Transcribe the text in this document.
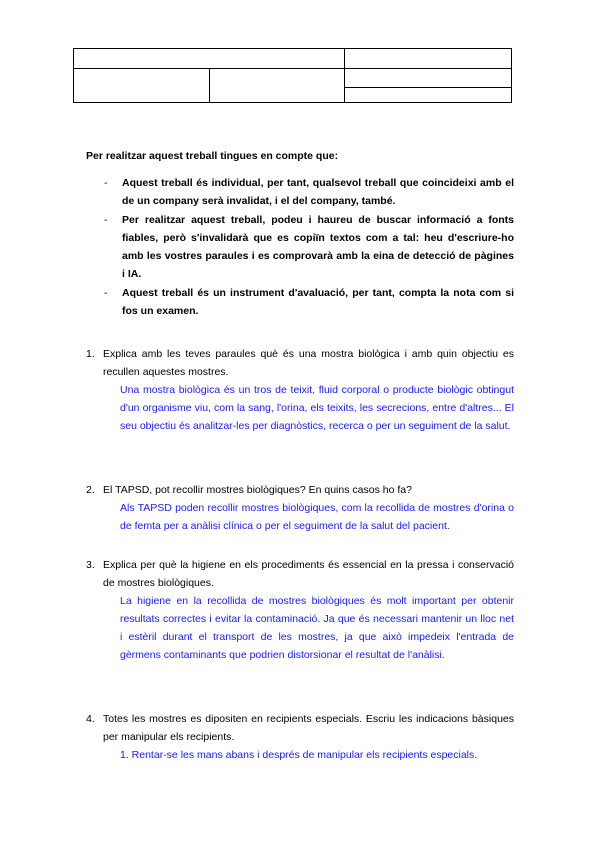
Per realitzar aquest treball tingues en compte que:
- Aquest treball és individual, per tant, qualsevol treball que coincideixi amb el de un company serà invalidat, i el del company, també.
- Per realitzar aquest treball, podeu i haureu de buscar informació a fonts fiables, però s'invalidarà que es copiïn textos com a tal: heu d'escriure-ho amb les vostres paraules i es comprovarà amb la eina de detecció de pàgines i IA.
- Aquest treball és un instrument d'avaluació, per tant, compta la nota com si fos un examen.
1. Explica amb les teves paraules què és una mostra biològica i amb quin objectiu es recullen aquestes mostres.
Una mostra biològica és un tros de teixit, fluid corporal o producte biològic obtingut d'un organisme viu, com la sang, l'orina, els teixits, les secrecions, entre d'altres... El seu objectiu és analitzar-les per diagnòstics, recerca o per un seguiment de la salut.
2. El TAPSD, pot recollir mostres biològiques? En quins casos ho fa?
Als TAPSD poden recollir mostres biològiques, com la recollida de mostres d'orina o de femta per a anàlisi clínica o per el seguiment de la salut del pacient.
3. Explica per què la higiene en els procediments és essencial en la pressa i conservació de mostres biològiques.
La higiene en la recollida de mostres biològiques és molt important per obtenir resultats correctes i evitar la contaminació. Ja que és necessari mantenir un lloc net i estèril durant el transport de les mostres, ja que això impedeix l'entrada de gèrmens contaminants que podrien distorsionar el resultat de l'anàlisi.
4. Totes les mostres es dipositen en recipients especials. Escriu les indicacions bàsiques per manipular els recipients.
1. Rentar-se les mans abans i després de manipular els recipients especials.
